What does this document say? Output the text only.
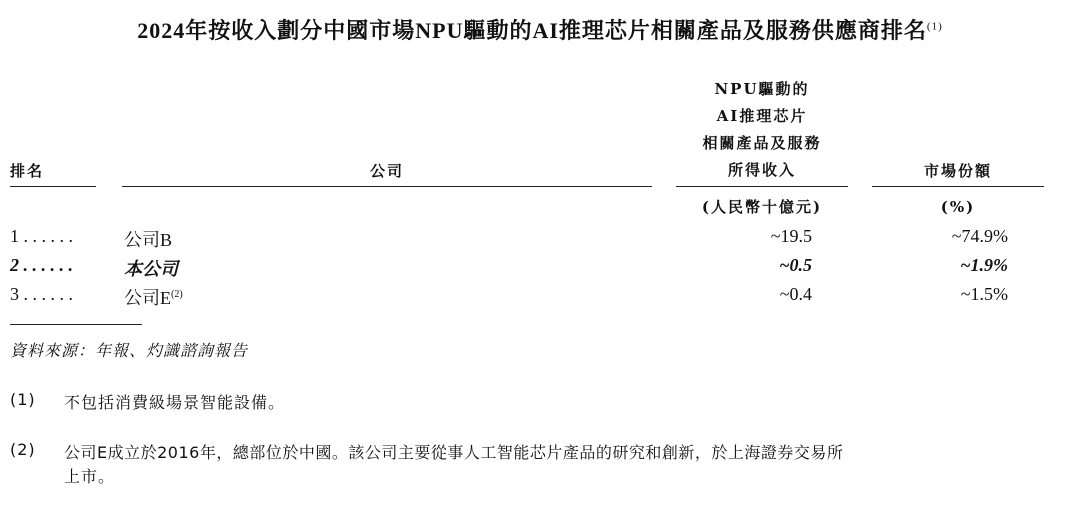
2024年按收入劃分中國市場NPU驅動的AI推理芯片相關產品及服務供應商排名$^{(1)}$
排名	公司
NPU驅動的
AI推理芯片
相關產品及服務
所得收入	市場份額
(人民幣十億元)	(%)
1 . . . . . .	公司B	~19.5	~74.9%
2 . . . . . .	本公司	~0.5	~1.9%
3 . . . . . .	公司$E^{(2)}$	~0.4	~1.5%
資料來源：年報、灼識諮詢報告
(1) 不包括消費級場景智能設備。
(2) 公司E成立於2016年，總部位於中國。該公司主要從事人工智能芯片產品的研究和創新，於上海證券交易所
上市。
